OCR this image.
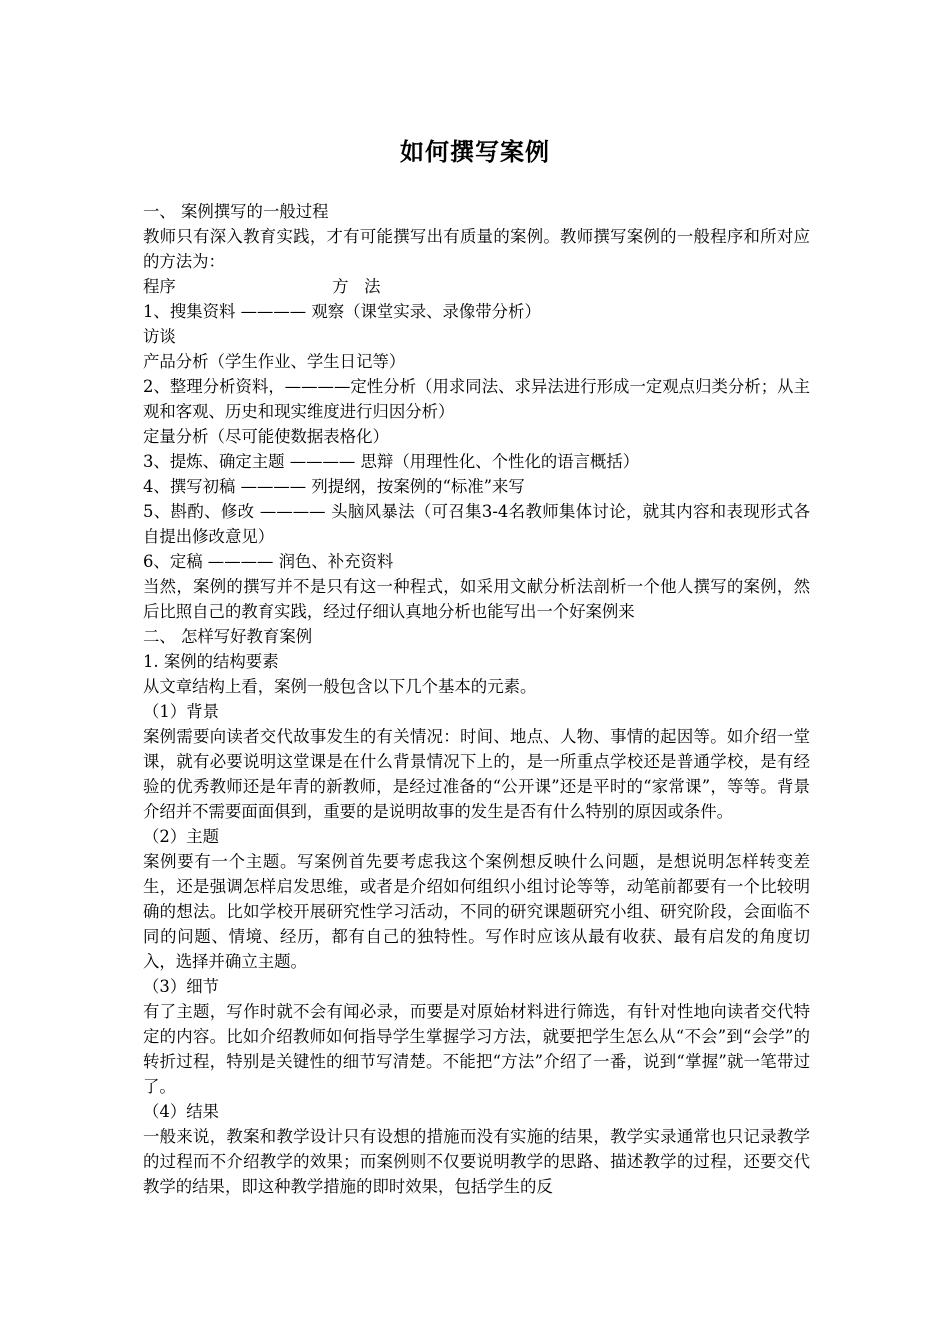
如何撰写案例

一、 案例撰写的一般过程

教师只有深入教育实践，才有可能撰写出有质量的案例。教师撰写案例的一般程序和所对应的方法为：

程序                              方   法

1、搜集资料 ———— 观察（课堂实录、录像带分析）

访谈

产品分析（学生作业、学生日记等）

2、整理分析资料，————定性分析（用求同法、求异法进行形成一定观点归类分析；从主观和客观、历史和现实维度进行归因分析）

定量分析（尽可能使数据表格化）

3、提炼、确定主题 ———— 思辩（用理性化、个性化的语言概括）

4、撰写初稿 ———— 列提纲，按案例的“标准”来写

5、斟酌、修改 ———— 头脑风暴法（可召集3-4名教师集体讨论，就其内容和表现形式各自提出修改意见）

6、定稿 ———— 润色、补充资料

当然，案例的撰写并不是只有这一种程式，如采用文献分析法剖析一个他人撰写的案例，然后比照自己的教育实践，经过仔细认真地分析也能写出一个好案例来

二、 怎样写好教育案例

1. 案例的结构要素

从文章结构上看，案例一般包含以下几个基本的元素。

（1）背景

案例需要向读者交代故事发生的有关情况：时间、地点、人物、事情的起因等。如介绍一堂课，就有必要说明这堂课是在什么背景情况下上的，是一所重点学校还是普通学校，是有经验的优秀教师还是年青的新教师，是经过准备的“公开课”还是平时的“家常课”，等等。背景介绍并不需要面面俱到，重要的是说明故事的发生是否有什么特别的原因或条件。

（2）主题

案例要有一个主题。写案例首先要考虑我这个案例想反映什么问题，是想说明怎样转变差生，还是强调怎样启发思维，或者是介绍如何组织小组讨论等等，动笔前都要有一个比较明确的想法。比如学校开展研究性学习活动，不同的研究课题研究小组、研究阶段，会面临不同的问题、情境、经历，都有自己的独特性。写作时应该从最有收获、最有启发的角度切入，选择并确立主题。

（3）细节

有了主题，写作时就不会有闻必录，而要是对原始材料进行筛选，有针对性地向读者交代特定的内容。比如介绍教师如何指导学生掌握学习方法，就要把学生怎么从“不会”到“会学”的转折过程，特别是关键性的细节写清楚。不能把“方法”介绍了一番，说到“掌握”就一笔带过了。

（4）结果

一般来说，教案和教学设计只有设想的措施而没有实施的结果，教学实录通常也只记录教学的过程而不介绍教学的效果；而案例则不仅要说明教学的思路、描述教学的过程，还要交代教学的结果，即这种教学措施的即时效果，包括学生的反
